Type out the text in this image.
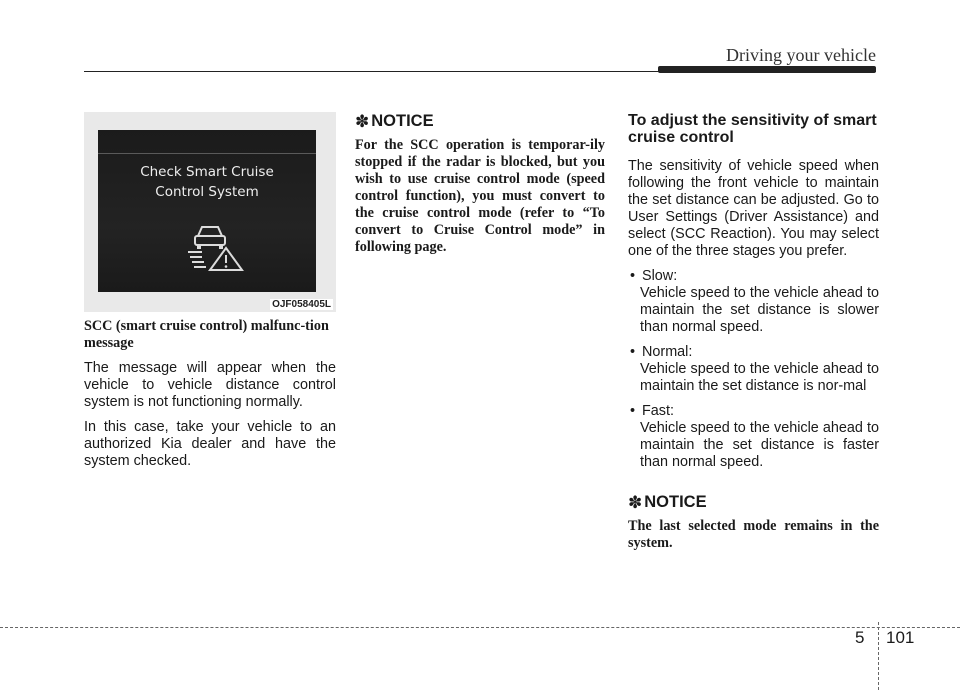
Driving your vehicle
Check Smart Cruise
Control System
OJF058405L
SCC (smart cruise control) malfunc-tion message

The message will appear when the vehicle to vehicle distance control system is not functioning normally.

In this case, take your vehicle to an authorized Kia dealer and have the system checked.

✽ NOTICE
For the SCC operation is temporar-ily stopped if the radar is blocked, but you wish to use cruise control mode (speed control function), you must convert to the cruise control mode (refer to “To convert to Cruise Control mode” in following page.
To adjust the sensitivity of smart cruise control

The sensitivity of vehicle speed when following the front vehicle to maintain the set distance can be adjusted. Go to User Settings (Driver Assistance) and select (SCC Reaction). You may select one of the three stages you prefer.

• Slow:
Vehicle speed to the vehicle ahead to maintain the set distance is slower than normal speed.
• Normal:
Vehicle speed to the vehicle ahead to maintain the set distance is nor-mal
• Fast:
Vehicle speed to the vehicle ahead to maintain the set distance is faster than normal speed.
✽ NOTICE
The last selected mode remains in the system.
5 101
